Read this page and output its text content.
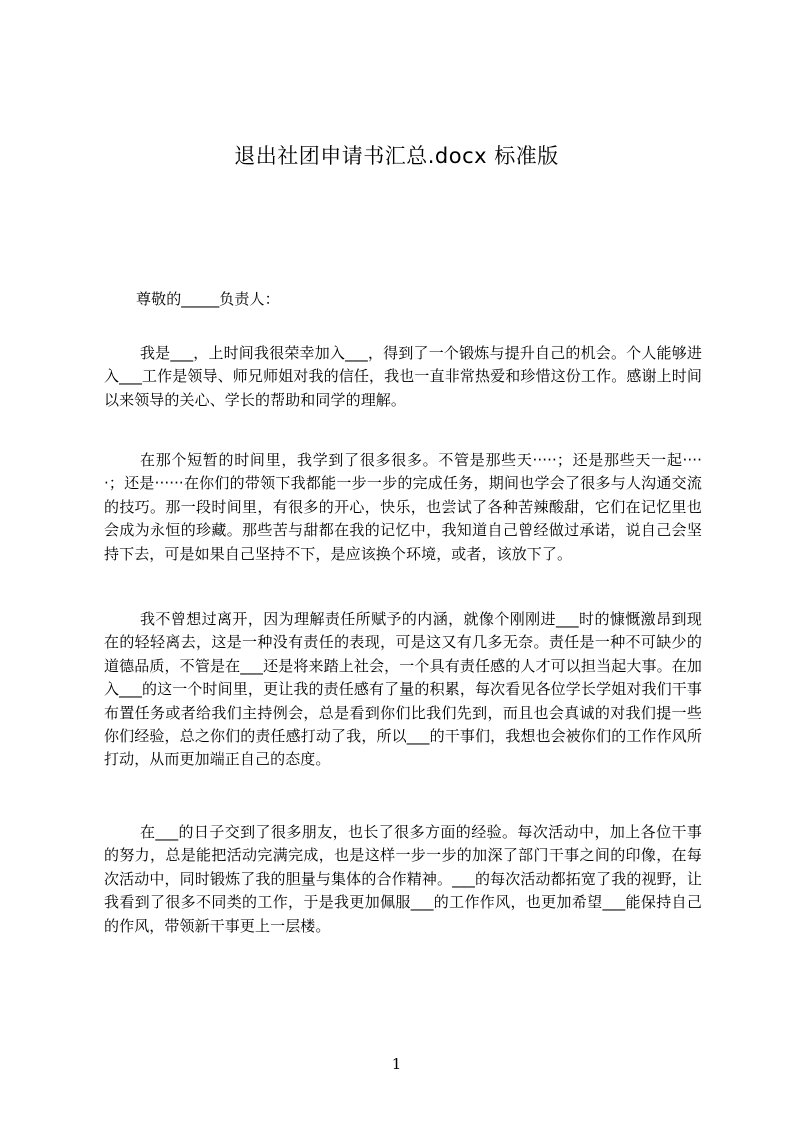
退出社团申请书汇总.docx 标准版

尊敬的_____负责人：

我是___，上时间我很荣幸加入___，得到了一个锻炼与提升自己的机会。个人能够进入___工作是领导、师兄师姐对我的信任，我也一直非常热爱和珍惜这份工作。感谢上时间以来领导的关心、学长的帮助和同学的理解。

在那个短暂的时间里，我学到了很多很多。不管是那些天·····；还是那些天一起·····；还是······在你们的带领下我都能一步一步的完成任务，期间也学会了很多与人沟通交流的技巧。那一段时间里，有很多的开心，快乐，也尝试了各种苦辣酸甜，它们在记忆里也会成为永恒的珍藏。那些苦与甜都在我的记忆中，我知道自己曾经做过承诺，说自己会坚持下去，可是如果自己坚持不下，是应该换个环境，或者，该放下了。

我不曾想过离开，因为理解责任所赋予的内涵，就像个刚刚进___时的慷慨激昂到现在的轻轻离去，这是一种没有责任的表现，可是这又有几多无奈。责任是一种不可缺少的道德品质，不管是在___还是将来踏上社会，一个具有责任感的人才可以担当起大事。在加入___的这一个时间里，更让我的责任感有了量的积累，每次看见各位学长学姐对我们干事布置任务或者给我们主持例会，总是看到你们比我们先到，而且也会真诚的对我们提一些你们经验，总之你们的责任感打动了我，所以___的干事们，我想也会被你们的工作作风所打动，从而更加端正自己的态度。

在___的日子交到了很多朋友，也长了很多方面的经验。每次活动中，加上各位干事的努力，总是能把活动完满完成，也是这样一步一步的加深了部门干事之间的印像，在每次活动中，同时锻炼了我的胆量与集体的合作精神。___的每次活动都拓宽了我的视野，让我看到了很多不同类的工作，于是我更加佩服___的工作作风，也更加希望___能保持自己的作风，带领新干事更上一层楼。

1
